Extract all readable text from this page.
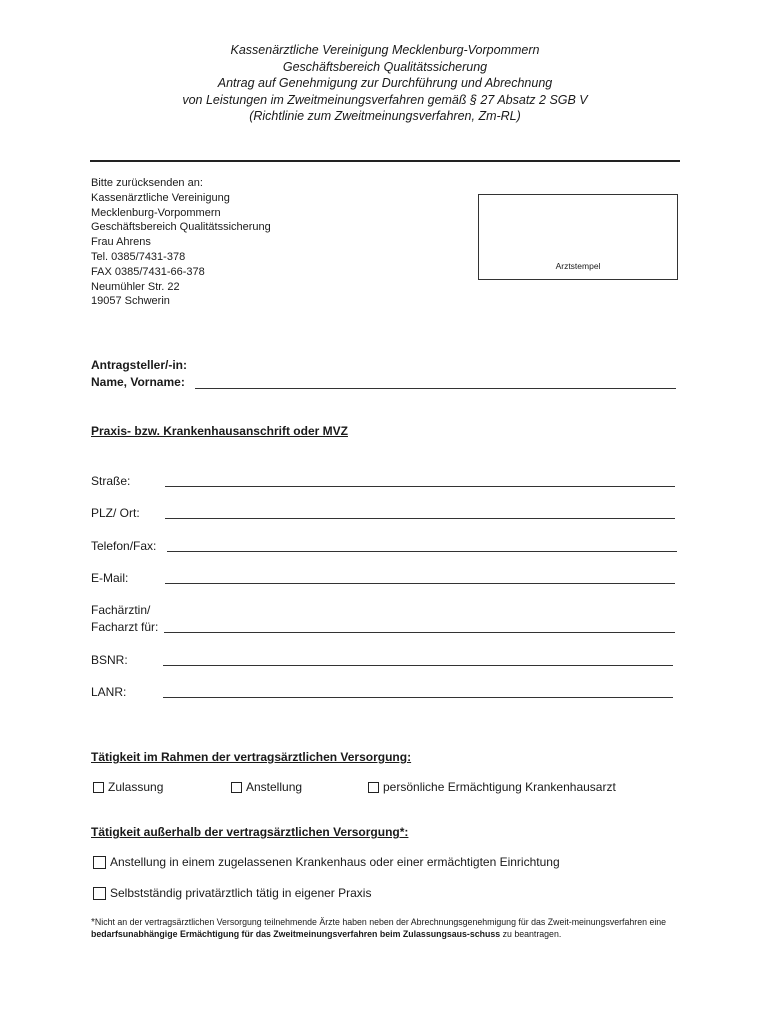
Kassenärztliche Vereinigung Mecklenburg-Vorpommern
Geschäftsbereich Qualitätssicherung
Antrag auf Genehmigung zur Durchführung und Abrechnung
von Leistungen im Zweitmeinungsverfahren gemäß § 27 Absatz 2 SGB V
(Richtlinie zum Zweitmeinungsverfahren, Zm-RL)
Bitte zurücksenden an:
Kassenärztliche Vereinigung
Mecklenburg-Vorpommern
Geschäftsbereich Qualitätssicherung
Frau Ahrens
Tel. 0385/7431-378
FAX 0385/7431-66-378
Neumühler Str. 22
19057 Schwerin
Arztstempel
Antragsteller/-in:
Name, Vorname:
Praxis- bzw. Krankenhausanschrift oder MVZ
Straße:
PLZ/ Ort:
Telefon/Fax:
E-Mail:
Fachärztin/
Facharzt für:
BSNR:
LANR:
Tätigkeit im Rahmen der vertragsärztlichen Versorgung:
Zulassung	Anstellung	persönliche Ermächtigung Krankenhausarzt
Tätigkeit außerhalb der vertragsärztlichen Versorgung*:
Anstellung in einem zugelassenen Krankenhaus oder einer ermächtigten Einrichtung
Selbstständig privatärztlich tätig in eigener Praxis
*Nicht an der vertragsärztlichen Versorgung teilnehmende Ärzte haben neben der Abrechnungsgenehmigung für das Zweit-meinungsverfahren eine bedarfsunabhängige Ermächtigung für das Zweitmeinungsverfahren beim Zulassungsaus-schuss zu beantragen.
